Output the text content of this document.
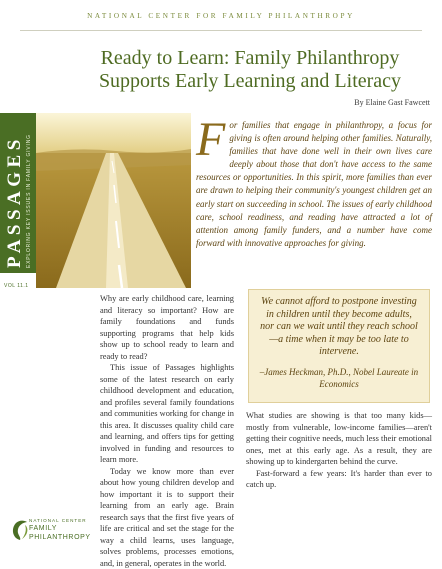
NATIONAL CENTER FOR FAMILY PHILANTHROPY
Ready to Learn: Family Philanthropy
Supports Early Learning and Literacy
By Elaine Gast Fawcett
PASSAGES EXPLORING KEY ISSUES IN FAMILY GIVING
VOL 11.1
For families that engage in philanthropy, a focus for giving is often around helping other families. Naturally, families that have done well in their own lives care deeply about those that don't have access to the same resources or opportunities. In this spirit, more families than ever are drawn to helping their community's youngest children get an early start on succeeding in school. The issues of early childhood care, school readiness, and reading have attracted a lot of attention among family funders, and a number have come forward with innovative approaches for giving.

Why are early childhood care, learning and literacy so important? How are family foundations and funds supporting programs that help kids show up to school ready to learn and ready to read?

This issue of Passages highlights some of the latest research on early childhood development and education, and profiles several family foundations and communities working for change in this area. It discusses quality child care and learning, and offers tips for getting involved in funding and resources to learn more.

Today we know more than ever about how young children develop and how important it is to support their learning from an early age. Brain research says that the first five years of life are critical and set the stage for the way a child learns, uses language, solves problems, processes emotions, and, in general, operates in the world.

We cannot afford to postpone investing in children until they become adults, nor can we wait until they reach school—a time when it may be too late to intervene.
–James Heckman, Ph.D., Nobel Laureate in Economics

What studies are showing is that too many kids—mostly from vulnerable, low-income families—aren't getting their cognitive needs, much less their emotional ones, met at this early age. As a result, they are showing up to kindergarten behind the curve.

Fast-forward a few years: It's harder than ever to catch up.

NATIONAL CENTER
FAMILY
PHILANTHROPY
